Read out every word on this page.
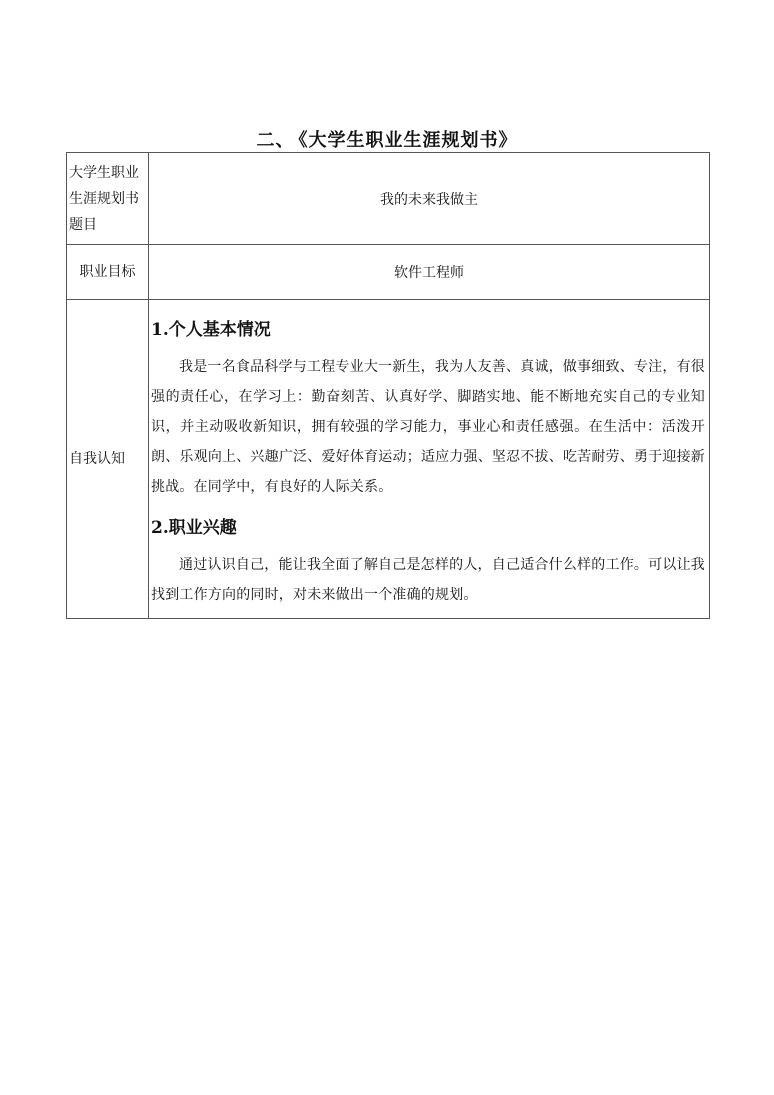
二、 《大学生职业生涯规划书》
大学生职业生涯规划书题目	我的未来我做主
职业目标	软件工程师
自我认知	1.个人基本情况

我是一名食品科学与工程专业大一新生，我为人友善、真诚，做事细致、专注，有很强的责任心，在学习上：勤奋刻苦、认真好学、脚踏实地、能不断地充实自己的专业知识，并主动吸收新知识，拥有较强的学习能力，事业心和责任感强。在生活中：活泼开朗、乐观向上、兴趣广泛、爱好体育运动；适应力强、坚忍不拔、吃苦耐劳、勇于迎接新挑战。在同学中，有良好的人际关系。

2.职业兴趣

通过认识自己，能让我全面了解自己是怎样的人，自己适合什么样的工作。可以让我找到工作方向的同时，对未来做出一个准确的规划。
